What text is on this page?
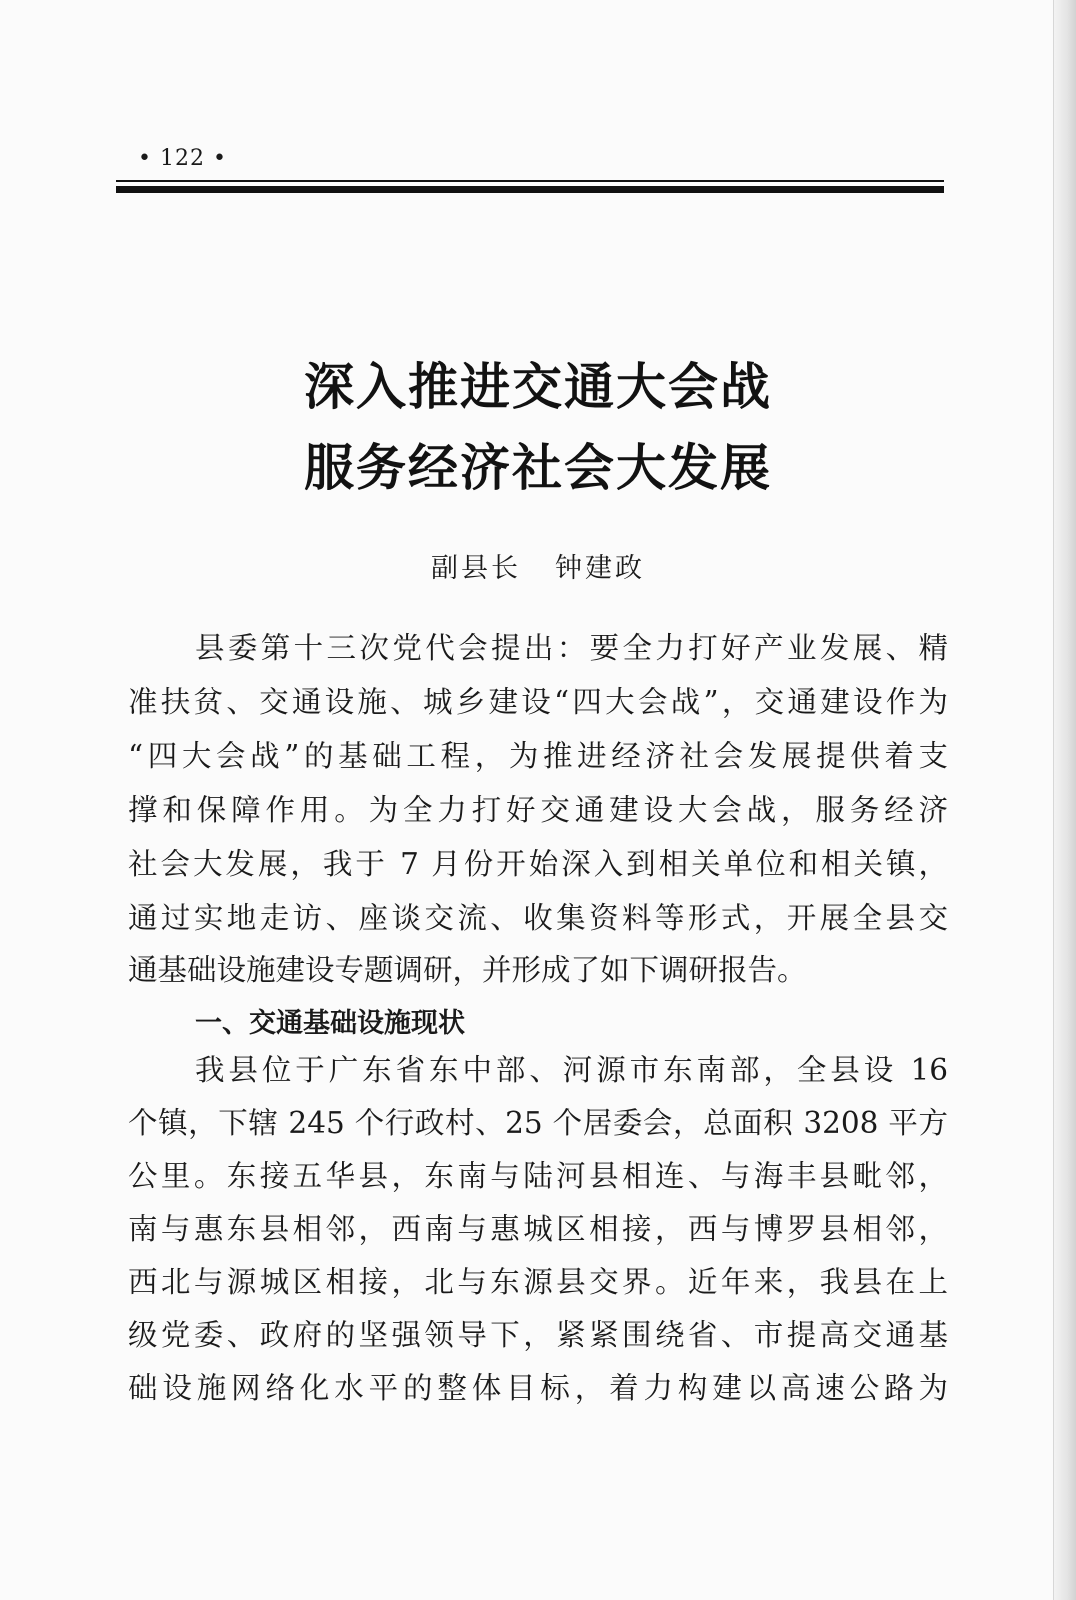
• 122 •
深入推进交通大会战
服务经济社会大发展
副县长 钟建政
县委第十三次党代会提出：要全力打好产业发展、精
准扶贫、交通设施、城乡建设“四大会战”，交通建设作为
“四大会战”的基础工程，为推进经济社会发展提供着支
撑和保障作用。为全力打好交通建设大会战，服务经济
社会大发展，我于 7 月份开始深入到相关单位和相关镇，
通过实地走访、座谈交流、收集资料等形式，开展全县交
通基础设施建设专题调研，并形成了如下调研报告。
一、交通基础设施现状
我县位于广东省东中部、河源市东南部，全县设 16
个镇，下辖 245 个行政村、25 个居委会，总面积 3208 平方
公里。东接五华县，东南与陆河县相连、与海丰县毗邻，
南与惠东县相邻，西南与惠城区相接，西与博罗县相邻，
西北与源城区相接，北与东源县交界。近年来，我县在上
级党委、政府的坚强领导下，紧紧围绕省、市提高交通基
础设施网络化水平的整体目标，着力构建以高速公路为
